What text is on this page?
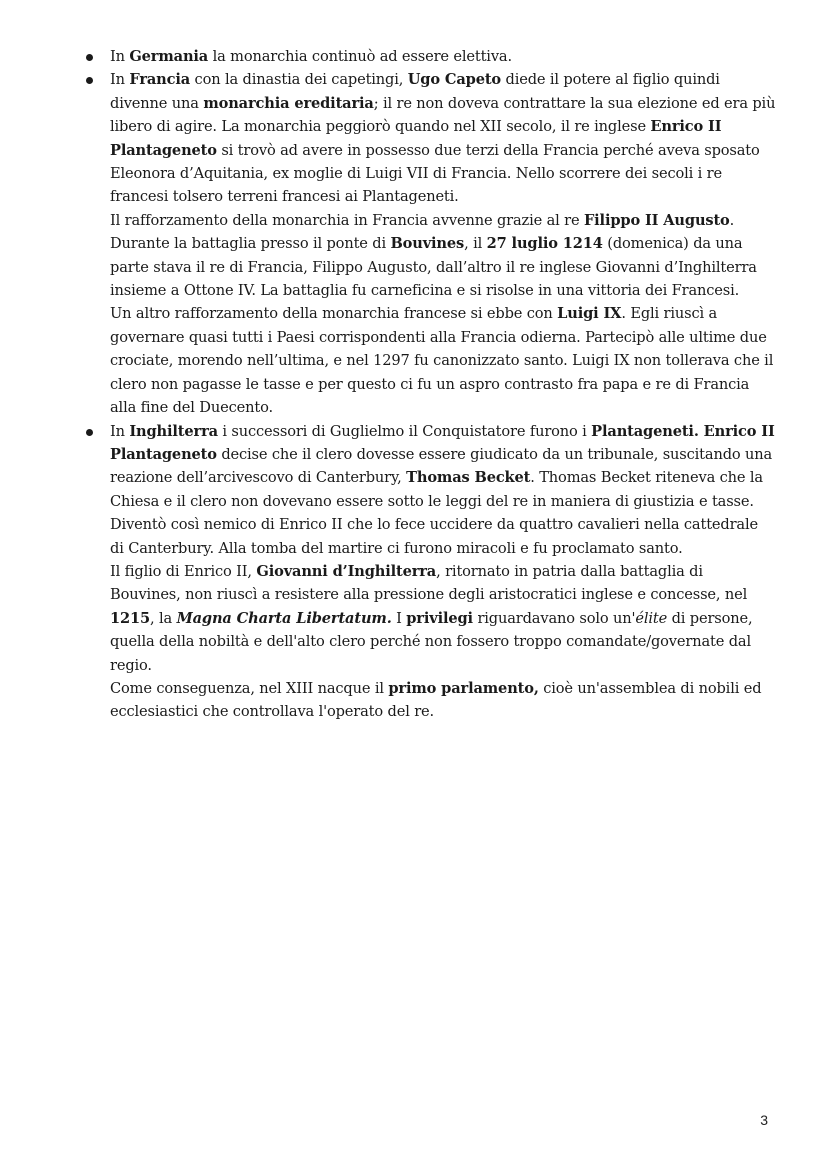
In Germania la monarchia continuò ad essere elettiva.
In Francia con la dinastia dei capetingi, Ugo Capeto diede il potere al figlio quindi divenne una monarchia ereditaria; il re non doveva contrattare la sua elezione ed era più libero di agire. La monarchia peggiorò quando nel XII secolo, il re inglese Enrico II Plantageneto si trovò ad avere in possesso due terzi della Francia perché aveva sposato Eleonora d’Aquitania, ex moglie di Luigi VII di Francia. Nello scorrere dei secoli i re francesi tolsero terreni francesi ai Plantageneti.
Il rafforzamento della monarchia in Francia avvenne grazie al re Filippo II Augusto. Durante la battaglia presso il ponte di Bouvines, il 27 luglio 1214 (domenica) da una parte stava il re di Francia, Filippo Augusto, dall’altro il re inglese Giovanni d’Inghilterra insieme a Ottone IV. La battaglia fu carneficina e si risolse in una vittoria dei Francesi.
Un altro rafforzamento della monarchia francese si ebbe con Luigi IX. Egli riuscì a governare quasi tutti i Paesi corrispondenti alla Francia odierna. Partecipò alle ultime due crociate, morendo nell’ultima, e nel 1297 fu canonizzato santo. Luigi IX non tollerava che il clero non pagasse le tasse e per questo ci fu un aspro contrasto fra papa e re di Francia alla fine del Duecento.
In Inghilterra i successori di Guglielmo il Conquistatore furono i Plantageneti. Enrico II Plantageneto decise che il clero dovesse essere giudicato da un tribunale, suscitando una reazione dell’arcivescovo di Canterbury, Thomas Becket. Thomas Becket riteneva che la Chiesa e il clero non dovevano essere sotto le leggi del re in maniera di giustizia e tasse. Diventò così nemico di Enrico II che lo fece uccidere da quattro cavalieri nella cattedrale di Canterbury. Alla tomba del martire ci furono miracoli e fu proclamato santo.
Il figlio di Enrico II, Giovanni d’Inghilterra, ritornato in patria dalla battaglia di Bouvines, non riuscì a resistere alla pressione degli aristocratici inglese e concesse, nel 1215, la Magna Charta Libertatum. I privilegi riguardavano solo un'élite di persone, quella della nobiltà e dell'alto clero perché non fossero troppo comandate/governate dal regio.
Come conseguenza, nel XIII nacque il primo parlamento, cioè un'assemblea di nobili ed ecclesiastici che controllava l'operato del re.
3
